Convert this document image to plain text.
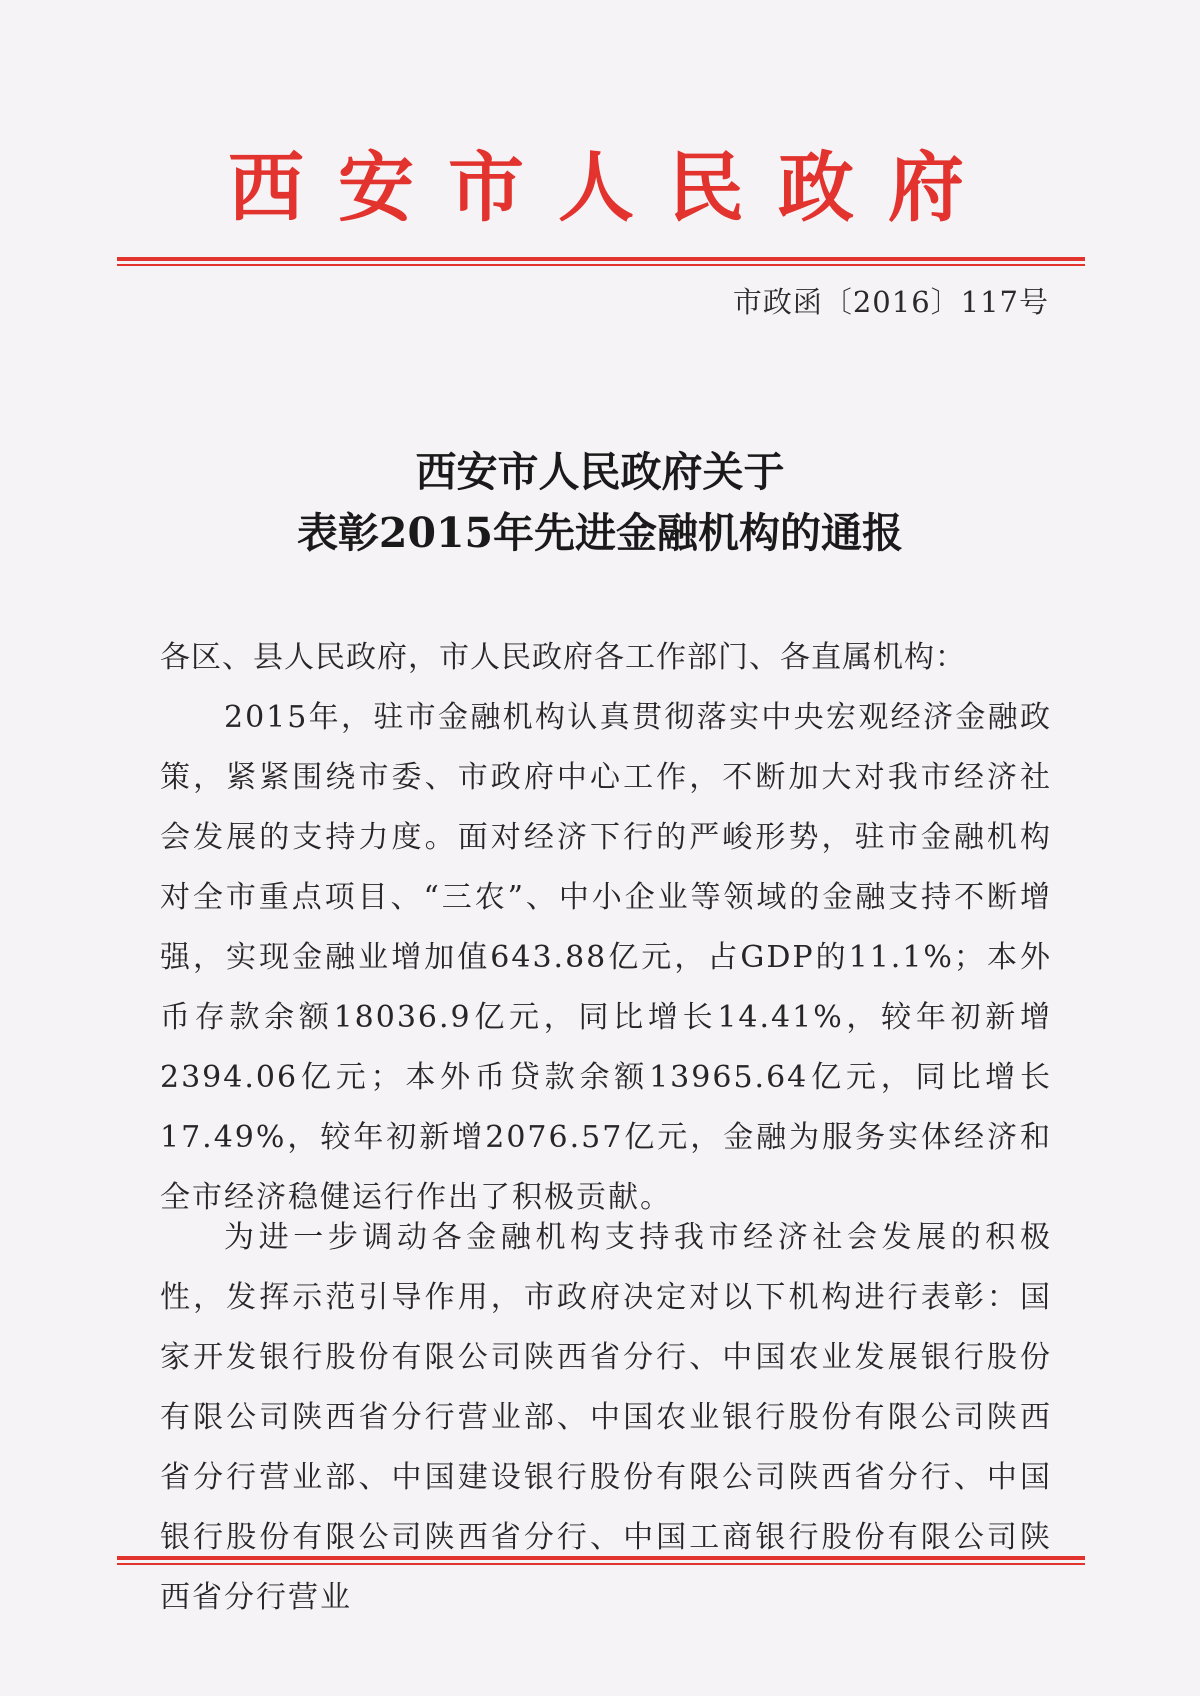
西安市人民政府
市政函〔2016〕117号
西安市人民政府关于
表彰2015年先进金融机构的通报
各区、县人民政府，市人民政府各工作部门、各直属机构：
2015年，驻市金融机构认真贯彻落实中央宏观经济金融政策，紧紧围绕市委、市政府中心工作，不断加大对我市经济社会发展的支持力度。面对经济下行的严峻形势，驻市金融机构对全市重点项目、“三农”、中小企业等领域的金融支持不断增强，实现金融业增加值643.88亿元，占GDP的11.1%；本外币存款余额18036.9亿元，同比增长14.41%，较年初新增2394.06亿元；本外币贷款余额13965.64亿元，同比增长17.49%，较年初新增2076.57亿元，金融为服务实体经济和全市经济稳健运行作出了积极贡献。
为进一步调动各金融机构支持我市经济社会发展的积极性，发挥示范引导作用，市政府决定对以下机构进行表彰：国家开发银行股份有限公司陕西省分行、中国农业发展银行股份有限公司陕西省分行营业部、中国农业银行股份有限公司陕西省分行营业部、中国建设银行股份有限公司陕西省分行、中国银行股份有限公司陕西省分行、中国工商银行股份有限公司陕西省分行营业
